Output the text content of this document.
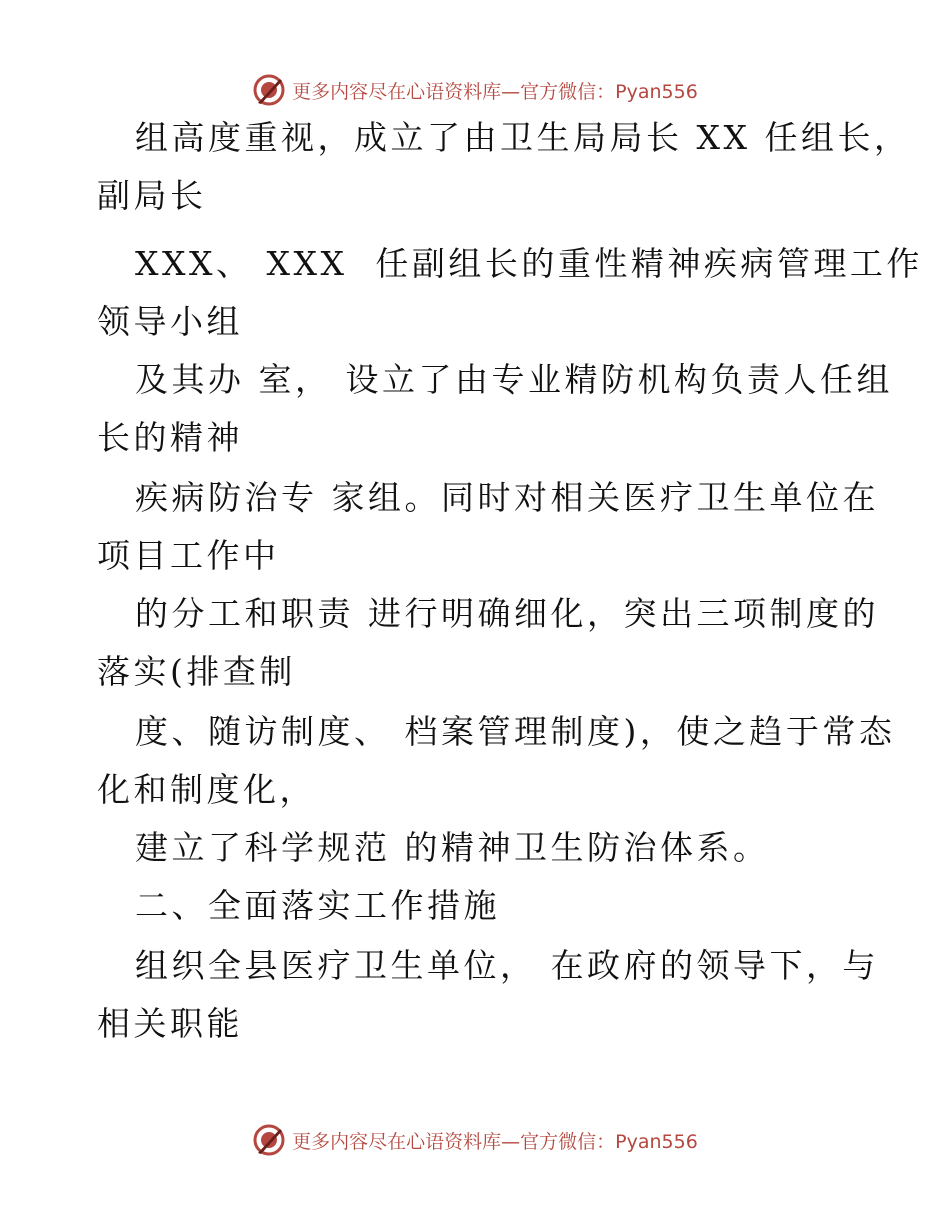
更多内容尽在心语资料库—官方微信：Pyan556
组高度重视，成立了由卫生局局长 XX 任组长，
副局长
XXX、 XXX  任副组长的重性精神疾病管理工作
领导小组
及其办 室， 设立了由专业精防机构负责人任组
长的精神
疾病防治专 家组。同时对相关医疗卫生单位在
项目工作中
的分工和职责 进行明确细化，突出三项制度的
落实(排查制
度、随访制度、 档案管理制度)，使之趋于常态
化和制度化，
建立了科学规范 的精神卫生防治体系。
二、全面落实工作措施
组织全县医疗卫生单位， 在政府的领导下，与
相关职能
更多内容尽在心语资料库—官方微信：Pyan556
